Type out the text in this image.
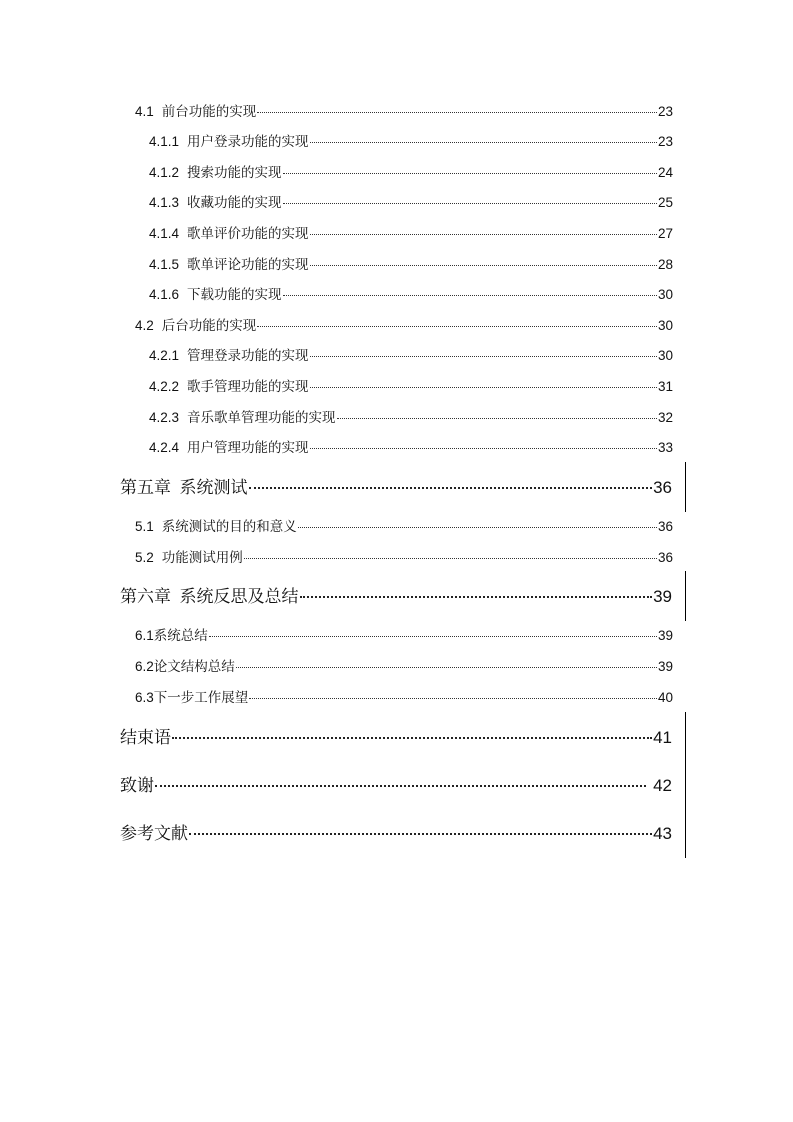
4.1 前台功能的实现	23
4.1.1 用户登录功能的实现	23
4.1.2 搜索功能的实现	24
4.1.3 收藏功能的实现	25
4.1.4 歌单评价功能的实现	27
4.1.5 歌单评论功能的实现	28
4.1.6 下载功能的实现	30
4.2 后台功能的实现	30
4.2.1 管理登录功能的实现	30
4.2.2 歌手管理功能的实现	31
4.2.3 音乐歌单管理功能的实现	32
4.2.4 用户管理功能的实现	33
第五章  系统测试	36
5.1 系统测试的目的和意义	36
5.2 功能测试用例	36
第六章  系统反思及总结	39
6.1系统总结	39
6.2论文结构总结	39
6.3下一步工作展望	40
结束语	41
致谢	42
参考文献	43
